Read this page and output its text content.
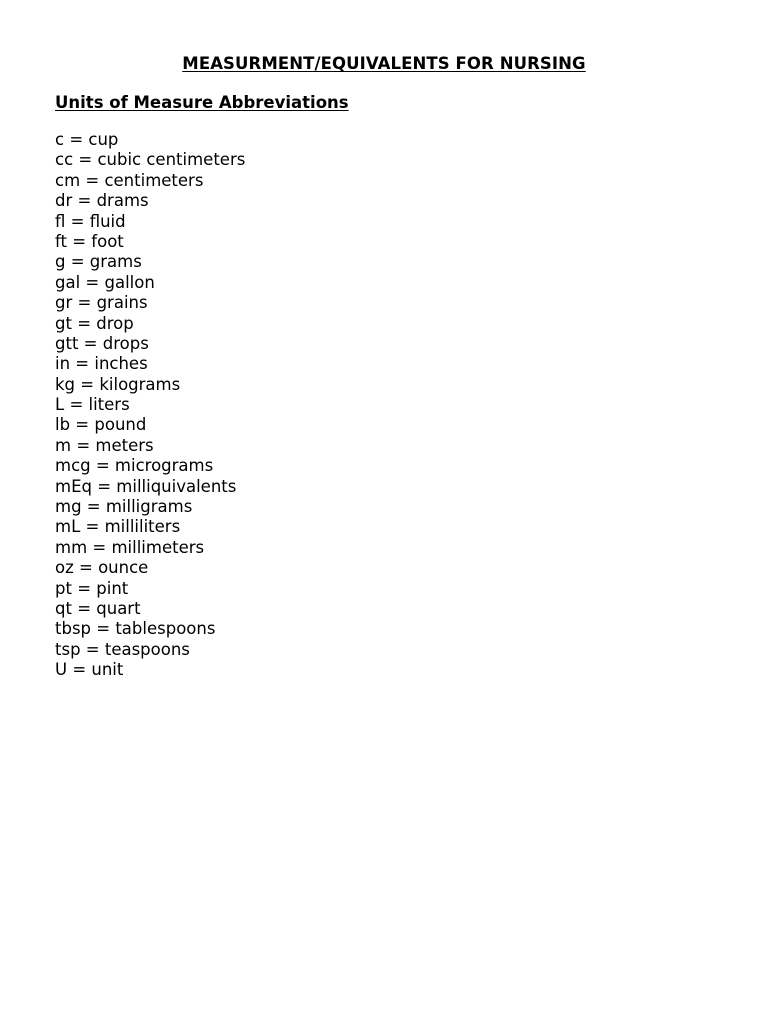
MEASURMENT/EQUIVALENTS FOR NURSING
Units of Measure Abbreviations
c = cup
cc = cubic centimeters
cm = centimeters
dr = drams
fl = fluid
ft = foot
g = grams
gal = gallon
gr = grains
gt = drop
gtt = drops
in = inches
kg = kilograms
L = liters
lb = pound
m = meters
mcg = micrograms
mEq = milliquivalents
mg = milligrams
mL = milliliters
mm = millimeters
oz = ounce
pt = pint
qt = quart
tbsp = tablespoons
tsp = teaspoons
U = unit
